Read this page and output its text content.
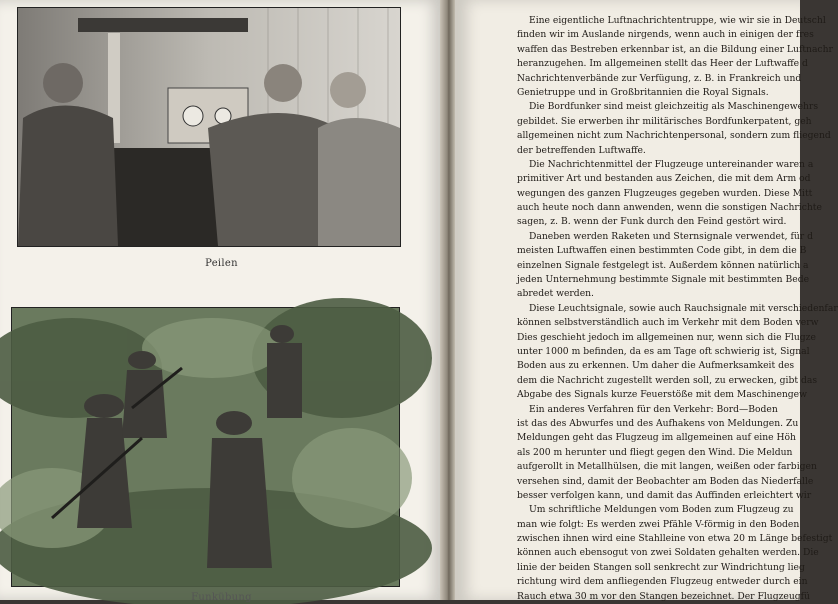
Peilen
Funkübung
Eine eigentliche Luftnachrichtentruppe, wie wir sie in Deutschl
finden wir im Auslande nirgends, wenn auch in einigen der fres
waffen das Bestreben erkennbar ist, an die Bildung einer Luftnachr
heranzugehen. Im allgemeinen stellt das Heer der Luftwaffe d
Nachrichtenverbände zur Verfügung, z. B. in Frankreich und
Genietruppe und in Großbritannien die Royal Signals.
Die Bordfunker sind meist gleichzeitig als Maschinengewehrs
gebildet. Sie erwerben ihr militärisches Bordfunkerpatent, geh
allgemeinen nicht zum Nachrichtenpersonal, sondern zum fliegend
der betreffenden Luftwaffe.
Die Nachrichtenmittel der Flugzeuge untereinander waren a
primitiver Art und bestanden aus Zeichen, die mit dem Arm od
wegungen des ganzen Flugzeuges gegeben wurden. Diese Mitt
auch heute noch dann anwenden, wenn die sonstigen Nachrichte
sagen, z. B. wenn der Funk durch den Feind gestört wird.
Daneben werden Raketen und Sternsignale verwendet, für d
meisten Luftwaffen einen bestimmten Code gibt, in dem die B
einzelnen Signale festgelegt ist. Außerdem können natürlich a
jeden Unternehmung bestimmte Signale mit bestimmten Bede
abredet werden.
Diese Leuchtsignale, sowie auch Rauchsignale mit verschiedenfar
können selbstverständlich auch im Verkehr mit dem Boden verw
Dies geschieht jedoch im allgemeinen nur, wenn sich die Flugze
unter 1000 m befinden, da es am Tage oft schwierig ist, Signal
Boden aus zu erkennen. Um daher die Aufmerksamkeit des
dem die Nachricht zugestellt werden soll, zu erwecken, gibt das
Abgabe des Signals kurze Feuerstöße mit dem Maschinengew
Ein anderes Verfahren für den Verkehr: Bord—Boden
ist das des Abwurfes und des Aufhakens von Meldungen. Zu
Meldungen geht das Flugzeug im allgemeinen auf eine Höh
als 200 m herunter und fliegt gegen den Wind. Die Meldun
aufgerollt in Metallhülsen, die mit langen, weißen oder farbigen
versehen sind, damit der Beobachter am Boden das Niederfalle
besser verfolgen kann, und damit das Auffinden erleichtert wir
Um schriftliche Meldungen vom Boden zum Flugzeug zu
man wie folgt: Es werden zwei Pfähle V-förmig in den Boden
zwischen ihnen wird eine Stahlleine von etwa 20 m Länge befestigt
können auch ebensogut von zwei Soldaten gehalten werden. Die
linie der beiden Stangen soll senkrecht zur Windrichtung lieg
richtung wird dem anfliegenden Flugzeug entweder durch ein
Rauch etwa 30 m vor den Stangen bezeichnet. Der Flugzeugfü
